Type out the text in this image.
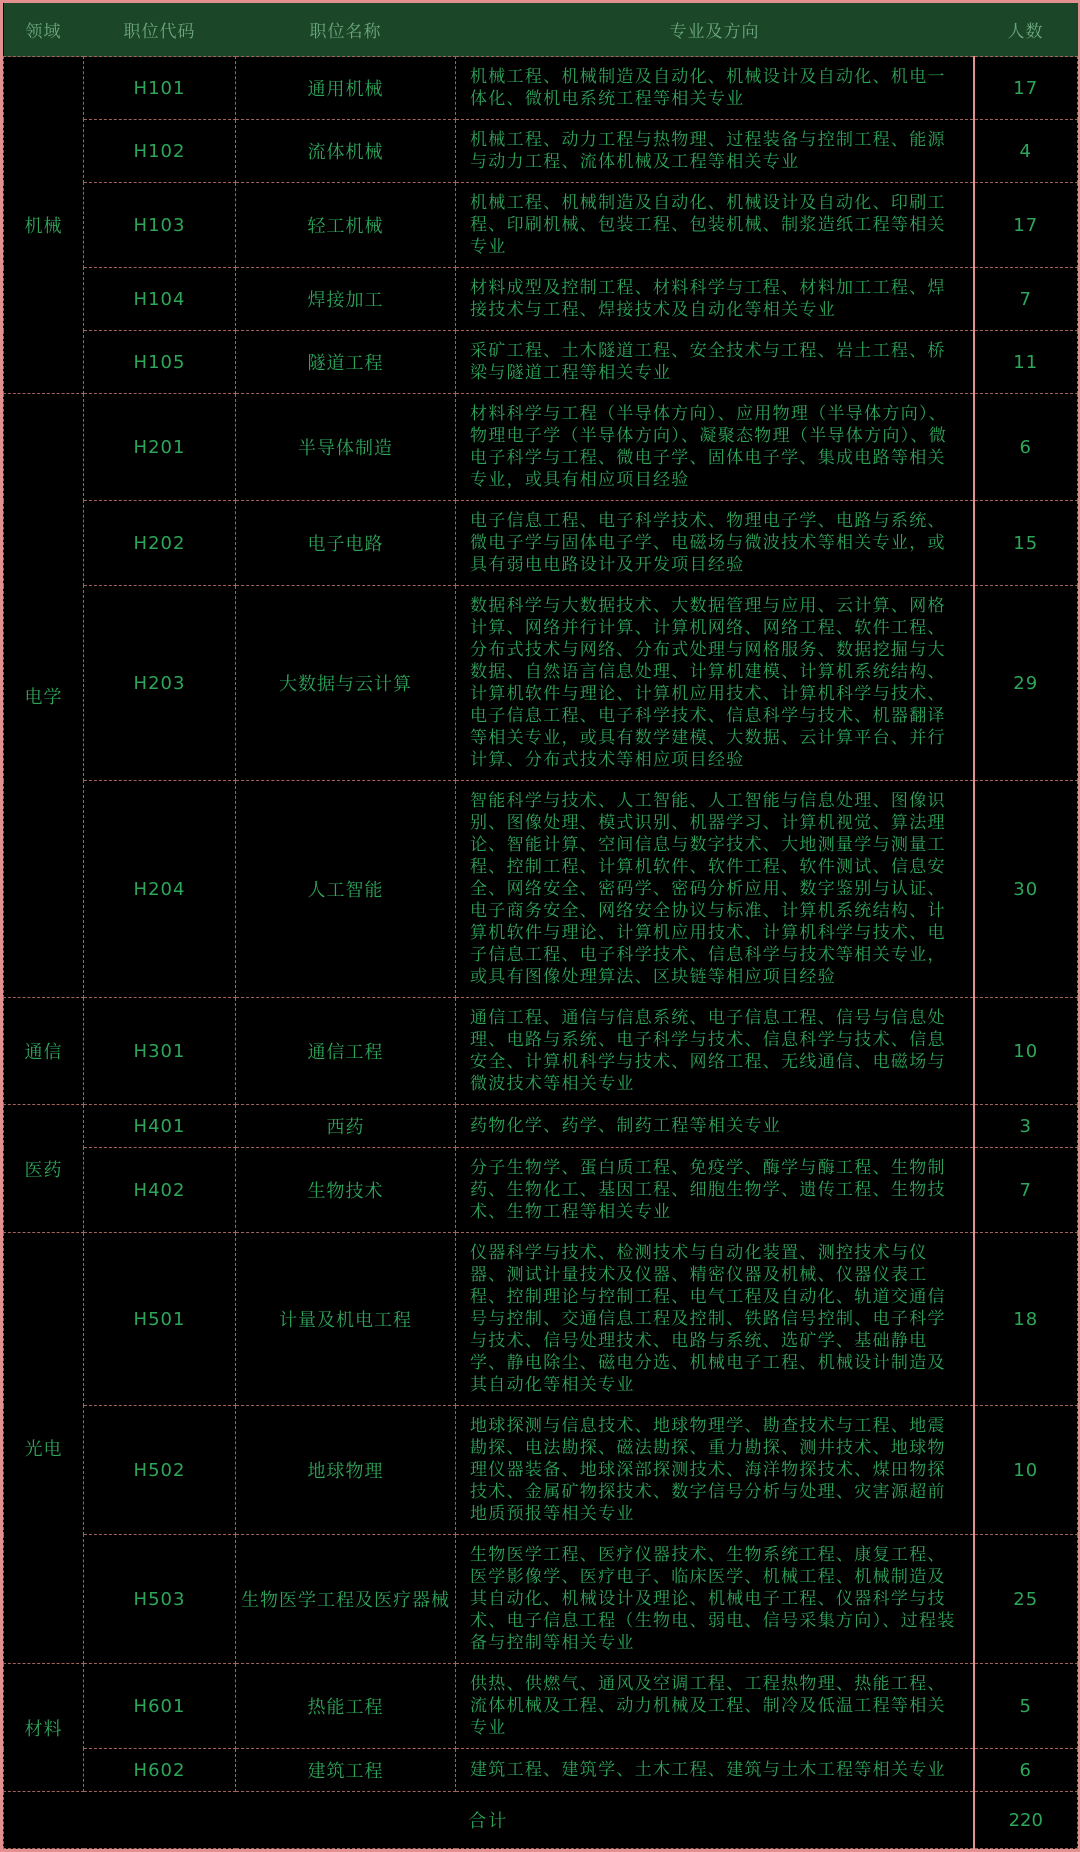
领域	职位代码	职位名称	专业及方向	人数
机械	H101	通用机械	机械工程、机械制造及自动化、机械设计及自动化、机电一体化、微机电系统工程等相关专业	17
	H102	流体机械	机械工程、动力工程与热物理、过程装备与控制工程、能源与动力工程、流体机械及工程等相关专业	4
	H103	轻工机械	机械工程、机械制造及自动化、机械设计及自动化、印刷工程、印刷机械、包装工程、包装机械、制浆造纸工程等相关专业	17
	H104	焊接加工	材料成型及控制工程、材料科学与工程、材料加工工程、焊接技术与工程、焊接技术及自动化等相关专业	7
	H105	隧道工程	采矿工程、土木隧道工程、安全技术与工程、岩土工程、桥梁与隧道工程等相关专业	11
电学	H201	半导体制造	材料科学与工程（半导体方向）、应用物理（半导体方向）、物理电子学（半导体方向）、凝聚态物理（半导体方向）、微电子科学与工程、微电子学、固体电子学、集成电路等相关专业，或具有相应项目经验	6
	H202	电子电路	电子信息工程、电子科学技术、物理电子学、电路与系统、微电子学与固体电子学、电磁场与微波技术等相关专业，或具有弱电电路设计及开发项目经验	15
	H203	大数据与云计算	数据科学与大数据技术、大数据管理与应用、云计算、网格计算、网络并行计算、计算机网络、网络工程、软件工程、分布式技术与网络、分布式处理与网格服务、数据挖掘与大数据、自然语言信息处理、计算机建模、计算机系统结构、计算机软件与理论、计算机应用技术、计算机科学与技术、电子信息工程、电子科学技术、信息科学与技术、机器翻译等相关专业，或具有数学建模、大数据、云计算平台、并行计算、分布式技术等相应项目经验	29
	H204	人工智能	智能科学与技术、人工智能、人工智能与信息处理、图像识别、图像处理、模式识别、机器学习、计算机视觉、算法理论、智能计算、空间信息与数字技术、大地测量学与测量工程、控制工程、计算机软件、软件工程、软件测试、信息安全、网络安全、密码学、密码分析应用、数字鉴别与认证、电子商务安全、网络安全协议与标准、计算机系统结构、计算机软件与理论、计算机应用技术、计算机科学与技术、电子信息工程、电子科学技术、信息科学与技术等相关专业，或具有图像处理算法、区块链等相应项目经验	30
通信	H301	通信工程	通信工程、通信与信息系统、电子信息工程、信号与信息处理、电路与系统、电子科学与技术、信息科学与技术、信息安全、计算机科学与技术、网络工程、无线通信、电磁场与微波技术等相关专业	10
医药	H401	西药	药物化学、药学、制药工程等相关专业	3
	H402	生物技术	分子生物学、蛋白质工程、免疫学、酶学与酶工程、生物制药、生物化工、基因工程、细胞生物学、遗传工程、生物技术、生物工程等相关专业	7
光电	H501	计量及机电工程	仪器科学与技术、检测技术与自动化装置、测控技术与仪器、测试计量技术及仪器、精密仪器及机械、仪器仪表工程、控制理论与控制工程、电气工程及自动化、轨道交通信号与控制、交通信息工程及控制、铁路信号控制、电子科学与技术、信号处理技术、电路与系统、选矿学、基础静电学、静电除尘、磁电分选、机械电子工程、机械设计制造及其自动化等相关专业	18
	H502	地球物理	地球探测与信息技术、地球物理学、勘查技术与工程、地震勘探、电法勘探、磁法勘探、重力勘探、测井技术、地球物理仪器装备、地球深部探测技术、海洋物探技术、煤田物探技术、金属矿物探技术、数字信号分析与处理、灾害源超前地质预报等相关专业	10
	H503	生物医学工程及医疗器械	生物医学工程、医疗仪器技术、生物系统工程、康复工程、医学影像学、医疗电子、临床医学、机械工程、机械制造及其自动化、机械设计及理论、机械电子工程、仪器科学与技术、电子信息工程（生物电、弱电、信号采集方向）、过程装备与控制等相关专业	25
材料	H601	热能工程	供热、供燃气、通风及空调工程、工程热物理、热能工程、流体机械及工程、动力机械及工程、制冷及低温工程等相关专业	5
	H602	建筑工程	建筑工程、建筑学、土木工程、建筑与土木工程等相关专业	6
合计				220
